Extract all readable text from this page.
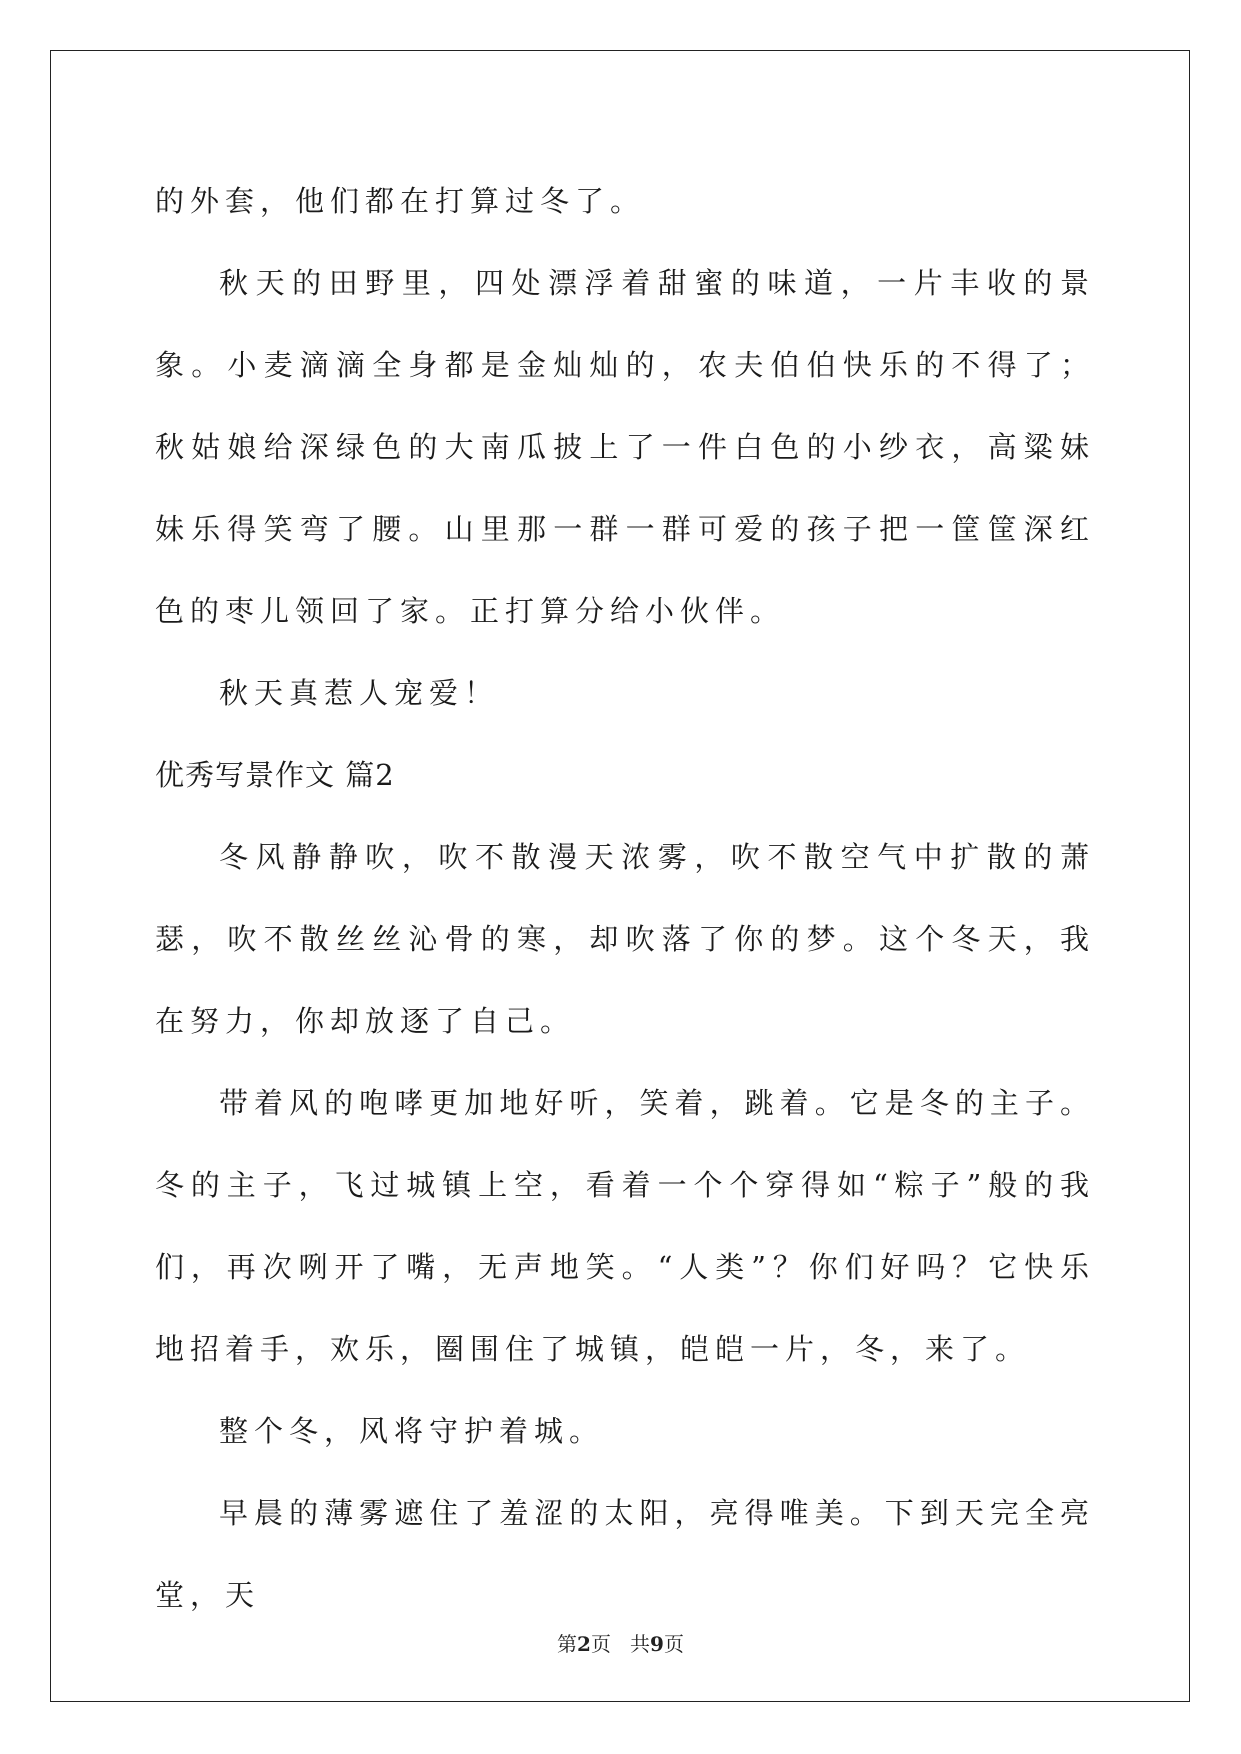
的外套，他们都在打算过冬了。

秋天的田野里，四处漂浮着甜蜜的味道，一片丰收的景象。小麦滴滴全身都是金灿灿的，农夫伯伯快乐的不得了；秋姑娘给深绿色的大南瓜披上了一件白色的小纱衣，高粱妹妹乐得笑弯了腰。山里那一群一群可爱的孩子把一筐筐深红色的枣儿领回了家。正打算分给小伙伴。

秋天真惹人宠爱！

优秀写景作文 篇2

冬风静静吹，吹不散漫天浓雾，吹不散空气中扩散的萧瑟，吹不散丝丝沁骨的寒，却吹落了你的梦。这个冬天，我在努力，你却放逐了自己。

带着风的咆哮更加地好听，笑着，跳着。它是冬的主子。冬的主子，飞过城镇上空，看着一个个穿得如“粽子”般的我们，再次咧开了嘴，无声地笑。“人类”？你们好吗？它快乐地招着手，欢乐，圈围住了城镇，皑皑一片，冬，来了。

整个冬，风将守护着城。

早晨的薄雾遮住了羞涩的太阳，亮得唯美。下到天完全亮堂，天

第2页 共9页
